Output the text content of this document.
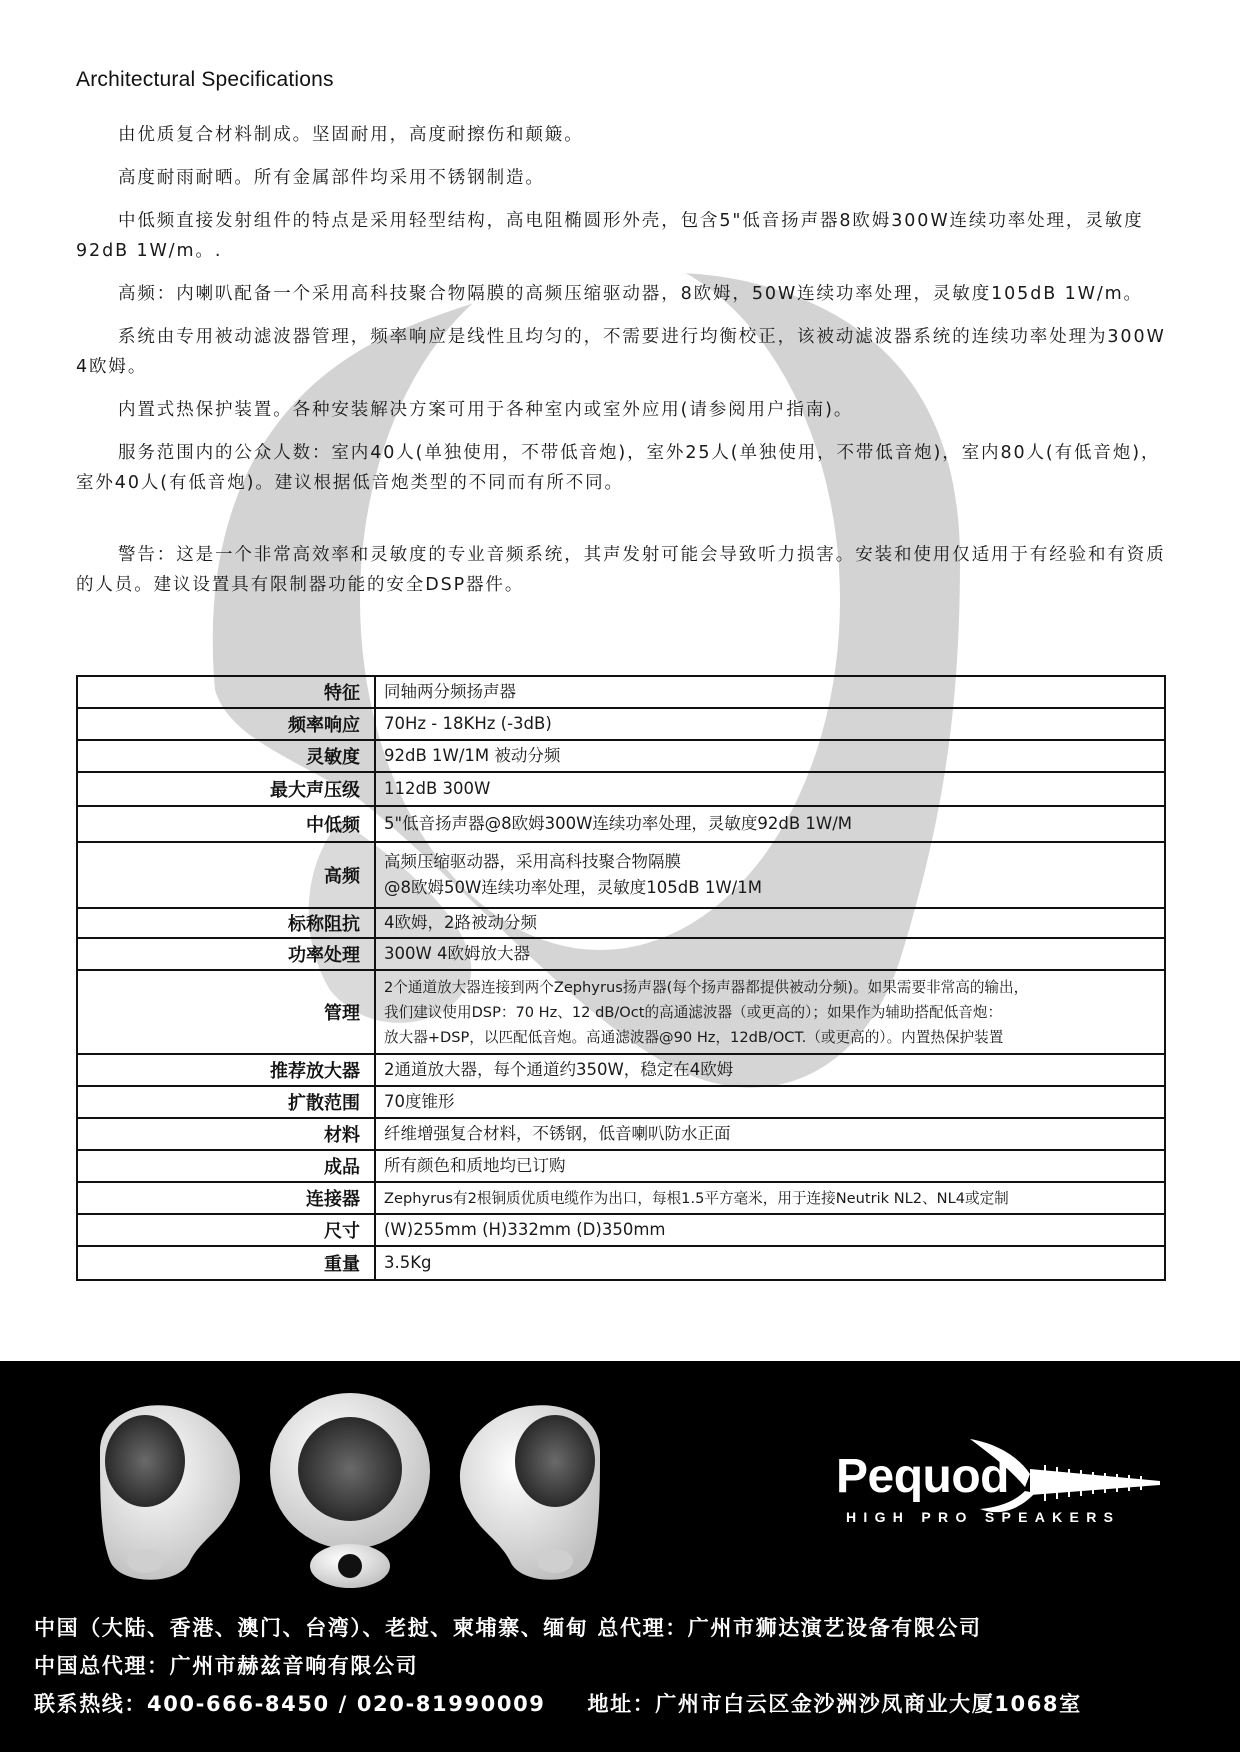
Architectural Specifications

由优质复合材料制成。坚固耐用，高度耐擦伤和颠簸。

高度耐雨耐晒。所有金属部件均采用不锈钢制造。

中低频直接发射组件的特点是采用轻型结构，高电阻椭圆形外壳，包含5"低音扬声器8欧姆300W连续功率处理，灵敏度92dB 1W/m。.

高频：内喇叭配备一个采用高科技聚合物隔膜的高频压缩驱动器，8欧姆，50W连续功率处理，灵敏度105dB 1W/m。

系统由专用被动滤波器管理，频率响应是线性且均匀的，不需要进行均衡校正，该被动滤波器系统的连续功率处理为300W 4欧姆。

内置式热保护装置。各种安装解决方案可用于各种室内或室外应用(请参阅用户指南)。

服务范围内的公众人数：室内40人(单独使用，不带低音炮)，室外25人(单独使用，不带低音炮)，室内80人(有低音炮)，室外40人(有低音炮)。建议根据低音炮类型的不同而有所不同。

警告：这是一个非常高效率和灵敏度的专业音频系统，其声发射可能会导致听力损害。安装和使用仅适用于有经验和有资质的人员。建议设置具有限制器功能的安全DSP器件。

特征	同轴两分频扬声器

频率响应	70Hz - 18KHz (-3dB)

灵敏度	92dB 1W/1M 被动分频

最大声压级	112dB 300W

中低频	5"低音扬声器@8欧姆300W连续功率处理，灵敏度92dB 1W/M

高频	高频压缩驱动器，采用高科技聚合物隔膜
@8欧姆50W连续功率处理，灵敏度105dB 1W/1M

标称阻抗	4欧姆，2路被动分频

功率处理	300W 4欧姆放大器

管理	2个通道放大器连接到两个Zephyrus扬声器(每个扬声器都提供被动分频)。如果需要非常高的输出，
我们建议使用DSP：70 Hz、12 dB/Oct的高通滤波器（或更高的）；如果作为辅助搭配低音炮：
放大器+DSP，以匹配低音炮。高通滤波器@90 Hz，12dB/OCT.（或更高的）。内置热保护装置

推荐放大器	2通道放大器，每个通道约350W，稳定在4欧姆

扩散范围	70度锥形

材料	纤维增强复合材料，不锈钢，低音喇叭防水正面

成品	所有颜色和质地均已订购

连接器	Zephyrus有2根铜质优质电缆作为出口，每根1.5平方毫米，用于连接Neutrik NL2、NL4或定制

尺寸	(W)255mm (H)332mm (D)350mm

重量	3.5Kg
Pequod
HIGH PRO SPEAKERS
中国（大陆、香港、澳门、台湾）、老挝、柬埔寨、缅甸 总代理：广州市狮达演艺设备有限公司
中国总代理：广州市赫兹音响有限公司
联系热线：400-666-8450 / 020-81990009 地址：广州市白云区金沙洲沙凤商业大厦1068室
